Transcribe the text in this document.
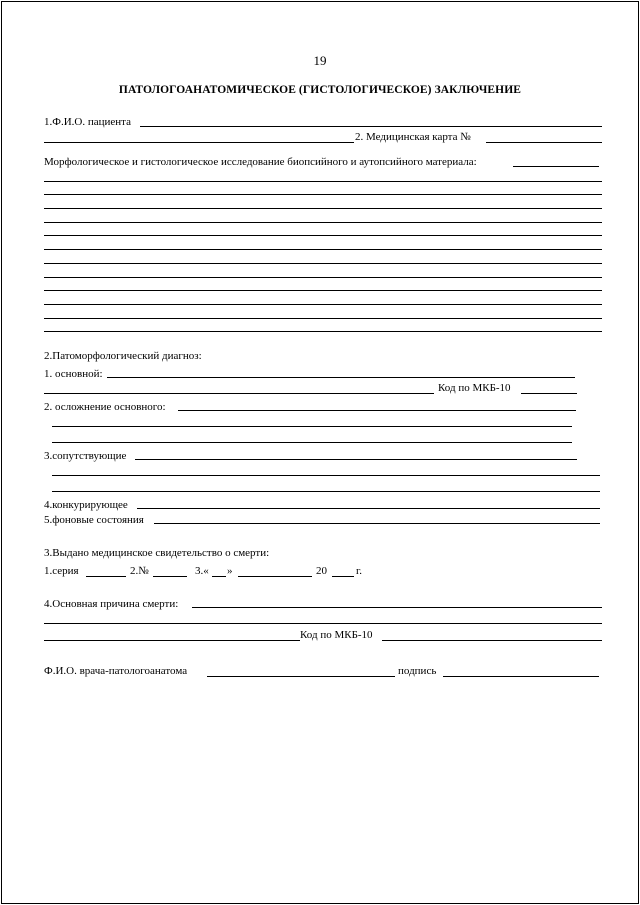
19
ПАТОЛОГОАНАТОМИЧЕСКОЕ (ГИСТОЛОГИЧЕСКОЕ) ЗАКЛЮЧЕНИЕ
1.Ф.И.О. пациента
2. Медицинская карта №
Морфологическое и гистологическое исследование биопсийного и аутопсийного материала:
2.Патоморфологический диагноз:
1. основной:
Код по МКБ-10
2. осложнение основного:
3.сопутствующие
4.конкурирующее
5.фоновые состояния
3.Выдано медицинское свидетельство о смерти:
1.серия	2.№	3.« »	20	г.
4.Основная причина смерти:
Код по МКБ-10
Ф.И.О. врача-патологоанатома	подпись
